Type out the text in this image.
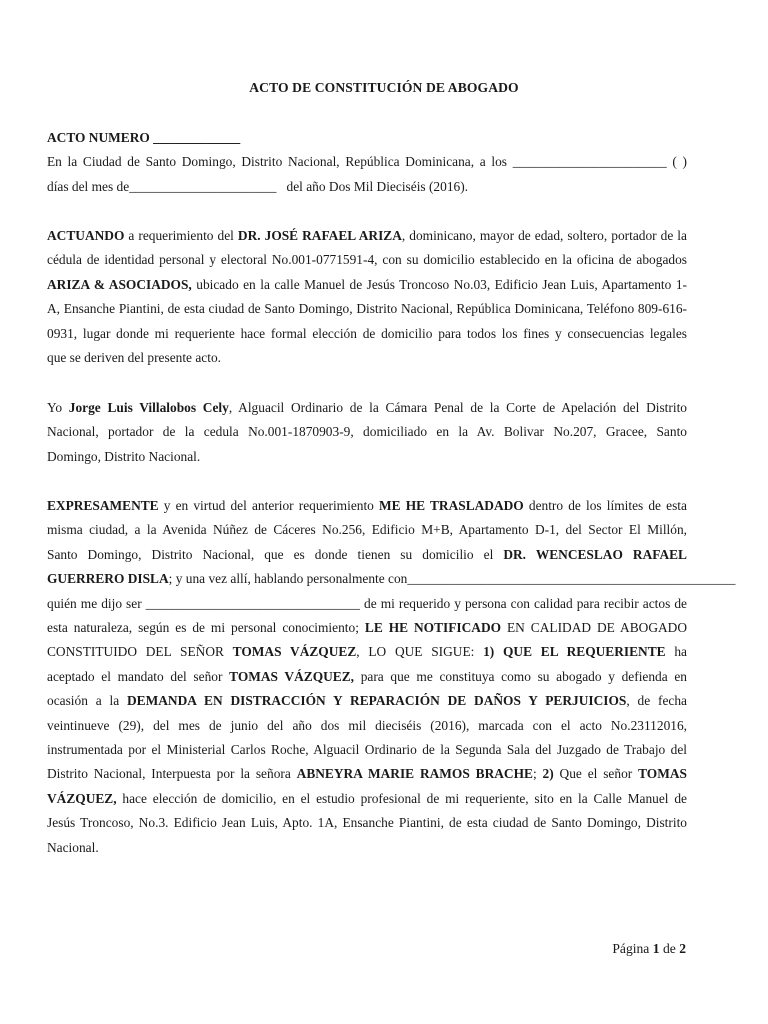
ACTO DE CONSTITUCIÓN DE ABOGADO
ACTO NUMERO _____________
En la Ciudad de Santo Domingo, Distrito Nacional, República Dominicana, a los _______________________ ( )
días del mes de______________________ del año Dos Mil Dieciséis (2016).
ACTUANDO a requerimiento del DR. JOSÉ RAFAEL ARIZA, dominicano, mayor de edad, soltero, portador de la
cédula de identidad personal y electoral No.001-0771591-4, con su domicilio establecido en la oficina de abogados
ARIZA & ASOCIADOS, ubicado en la calle Manuel de Jesús Troncoso No.03, Edificio Jean Luis, Apartamento 1-
A, Ensanche Piantini, de esta ciudad de Santo Domingo, Distrito Nacional, República Dominicana, Teléfono 809-616-
0931, lugar donde mi requeriente hace formal elección de domicilio para todos los fines y consecuencias legales
que se deriven del presente acto.
Yo Jorge Luis Villalobos Cely, Alguacil Ordinario de la Cámara Penal de la Corte de Apelación del Distrito
Nacional, portador de la cedula No.001-1870903-9, domiciliado en la Av. Bolivar No.207, Gracee, Santo
Domingo, Distrito Nacional.
EXPRESAMENTE y en virtud del anterior requerimiento ME HE TRASLADADO dentro de los límites de esta
misma ciudad, a la Avenida Núñez de Cáceres No.256, Edificio M+B, Apartamento D-1, del Sector El Millón,
Santo Domingo, Distrito Nacional, que es donde tienen su domicilio el DR. WENCESLAO RAFAEL
GUERRERO DISLA; y una vez allí, hablando personalmente con_________________________________________________
quién me dijo ser ________________________________ de mi requerido y persona con calidad para recibir actos de
esta naturaleza, según es de mi personal conocimiento; LE HE NOTIFICADO EN CALIDAD DE ABOGADO
CONSTITUIDO DEL SEÑOR TOMAS VÁZQUEZ, LO QUE SIGUE: 1) QUE EL REQUERIENTE ha
aceptado el mandato del señor TOMAS VÁZQUEZ, para que me constituya como su abogado y defienda en
ocasión a la DEMANDA EN DISTRACCIÓN Y REPARACIÓN DE DAÑOS Y PERJUICIOS, de fecha
veintinueve (29), del mes de junio del año dos mil dieciséis (2016), marcada con el acto No.23112016,
instrumentada por el Ministerial Carlos Roche, Alguacil Ordinario de la Segunda Sala del Juzgado de Trabajo del
Distrito Nacional, Interpuesta por la señora ABNEYRA MARIE RAMOS BRACHE; 2) Que el señor TOMAS
VÁZQUEZ, hace elección de domicilio, en el estudio profesional de mi requeriente, sito en la Calle Manuel de
Jesús Troncoso, No.3. Edificio Jean Luis, Apto. 1A, Ensanche Piantini, de esta ciudad de Santo Domingo, Distrito
Nacional.
Página 1 de 2
